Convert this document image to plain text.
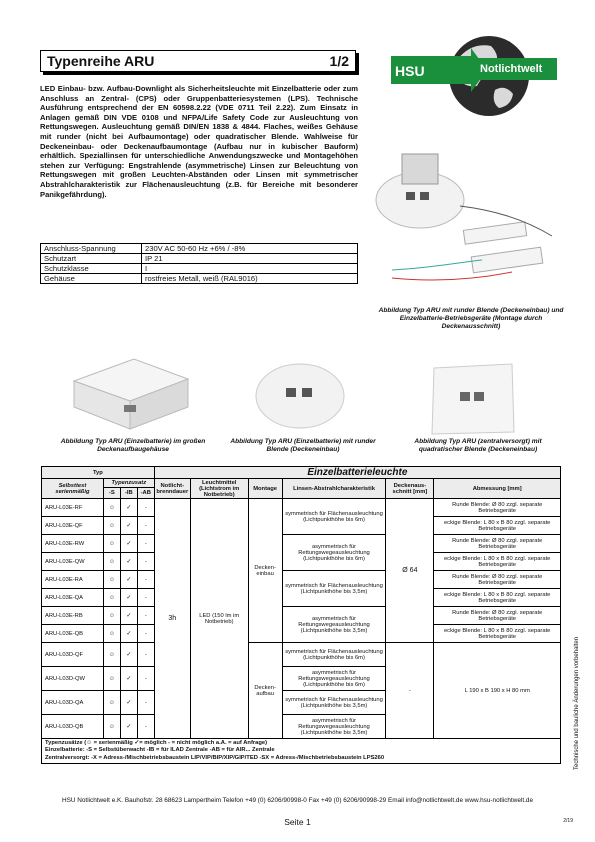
Typenreihe ARU	1/2
HSU	Notlichtwelt
LED Einbau- bzw. Aufbau-Downlight als Sicherheitsleuchte mit Einzelbatterie oder zum Anschluss an Zentral- (CPS) oder Gruppenbatteriesystemen (LPS). Technische Ausführung entsprechend der EN 60598.2.22 (VDE 0711 Teil 2.22). Zum Einsatz in Anlagen gemäß DIN VDE 0108 und NFPA/Life Safety Code zur Ausleuchtung von Rettungswegen. Ausleuchtung gemäß DIN/EN 1838 & 4844. Flaches, weißes Gehäuse mit runder (nicht bei Aufbaumontage) oder quadratischer Blende. Wahlweise für Deckeneinbau- oder Deckenaufbaumontage (Aufbau nur in kubischer Bauform) erhältlich. Speziallinsen für unterschiedliche Anwendungszwecke und Montagehöhen stehen zur Verfügung: Engstrahlende (asymmetrische) Linsen zur Beleuchtung von Rettungswegen mit großen Leuchten-Abständen oder Linsen mit symmetrischer Abstrahlcharakteristik zur Flächenausleuchtung (z.B. für Bereiche mit besonderer Panikgefährdung).
Anschluss-Spannung	230V AC 50-60 Hz +6% / -8%
Schutzart	IP 21
Schutzklasse	I
Gehäuse	rostfreies Metall, weiß (RAL9016)
Abbildung Typ ARU mit runder Blende (Deckeneinbau) und Einzelbatterie-Betriebsgeräte (Montage durch Deckenausschnitt)
Abbildung Typ ARU (Einzelbatterie) im großen Deckenaufbaugehäuse
Abbildung Typ ARU (Einzelbatterie) mit runder Blende (Deckeneinbau)
Abbildung Typ ARU (zentralversorgt) mit quadratischer Blende (Deckeneinbau)
Typ				Einzelbatterieleuchte					
Selbsttest serienmäßig	Typenzusatz			Notlicht-brenndauer	Leuchtmittel (Lichtstrom im Notbetrieb)	Montage	Linsen-Abstrahlcharakteristik	Deckenaus-schnitt [mm]	Abmessung [mm]
	-S	-IB	-AB						
ARU-L03E-RF	☺	✓	-	3h	LED (150 lm im Notbetrieb)	Decken-einbau	symmetrisch für Flächenausleuchtung (Lichtpunkthöhe bis 6m)	Ø 64	Runde Blende: Ø 80 zzgl. separate Betriebsgeräte
ARU-L03E-QF	☺	✓	-						eckige Blende: L 80 x B 80 zzgl. separate Betriebsgeräte
ARU-L03E-RW	☺	✓	-				asymmetrisch für Rettungswegeausleuchtung (Lichtpunkthöhe bis 6m)		Runde Blende: Ø 80 zzgl. separate Betriebsgeräte
ARU-L03E-QW	☺	✓	-						eckige Blende: L 80 x B 80 zzgl. separate Betriebsgeräte
ARU-L03E-RA	☺	✓	-				symmetrisch für Flächenausleuchtung (Lichtpunkthöhe bis 3,5m)		Runde Blende: Ø 80 zzgl. separate Betriebsgeräte
ARU-L03E-QA	☺	✓	-						eckige Blende: L 80 x B 80 zzgl. separate Betriebsgeräte
ARU-L03E-RB	☺	✓	-				asymmetrisch für Rettungswegeausleuchtung (Lichtpunkthöhe bis 3,5m)		Runde Blende: Ø 80 zzgl. separate Betriebsgeräte
ARU-L03E-QB	☺	✓	-						eckige Blende: L 80 x B 80 zzgl. separate Betriebsgeräte
ARU-L03D-QF	☺	✓	-			Decken-aufbau	symmetrisch für Flächenausleuchtung (Lichtpunkthöhe bis 6m)	-	L 190 x B 190 x H 80 mm
ARU-L03D-QW	☺	✓	-				asymmetrisch für Rettungswegeausleuchtung (Lichtpunkthöhe bis 6m)		
ARU-L03D-QA	☺	✓	-				symmetrisch für Flächenausleuchtung (Lichtpunkthöhe bis 3,5m)		
ARU-L03D-QB	☺	✓	-				asymmetrisch für Rettungswegeausleuchtung (Lichtpunkthöhe bis 3,5m)		

Typenzusätze (☺ = serienmäßig ✓= möglich - = nicht möglich a.A. = auf Anfrage)
Einzelbatterie: -S = Selbstüberwacht -IB = für ILAD Zentrale -AB = für AIR... Zentrale
Zentralversorgt: -X = Adress-/Mischbetriebsbaustein LIP/VIP/BIP/XIP/GIP/TED -SX = Adress-/Mischbetriebsbaustein LPS260										Technische und bauliche Änderungen vorbehalten
HSU Notlichtwelt e.K. Bauhofstr. 28 68623 Lampertheim Telefon +49 (0) 6206/90998-0 Fax +49 (0) 6206/90998-29 Email info@notlichtwelt.de www.hsu-notlichtwelt.de
Seite 1	2/19
